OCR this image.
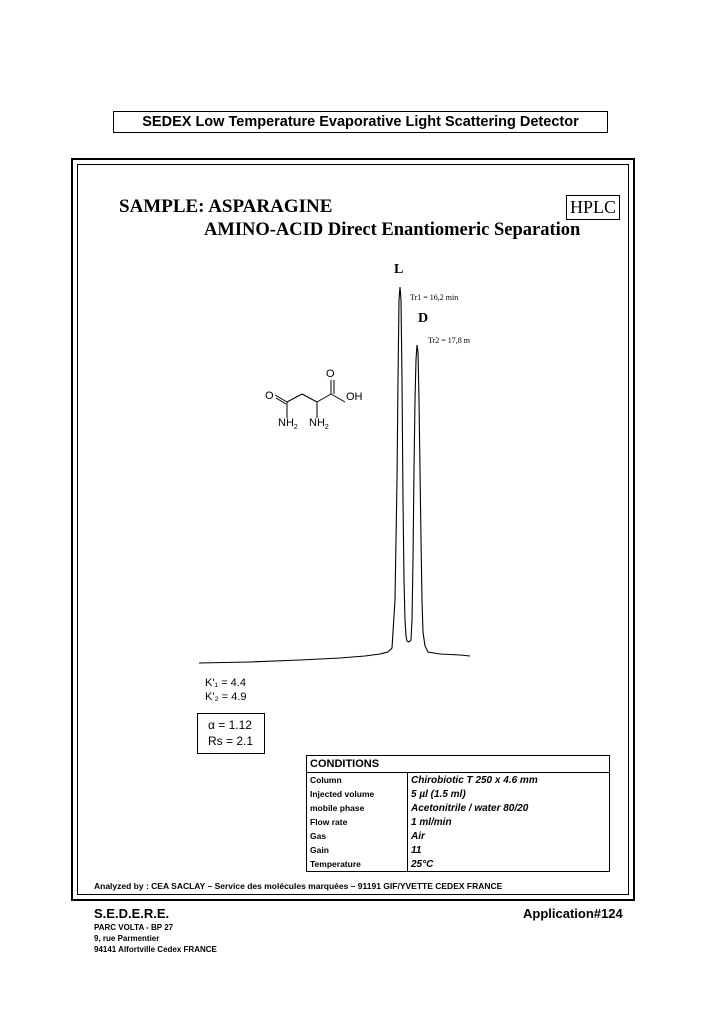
SEDEX Low Temperature Evaporative Light Scattering Detector
SAMPLE: ASPARAGINE
AMINO-ACID Direct Enantiomeric Separation
HPLC
O
O
OH
$NH_2$ $NH_2$
L
Tr1 = 16,2 min
D
Tr2 = 17,8 m
K'₁ = 4.4
K'₂ = 4.9
α = 1.12
Rs = 2.1
CONDITIONS	
Column	Chirobiotic T 250 x 4.6 mm
Injected volume	5 µl (1.5 ml)
mobile phase	Acetonitrile / water 80/20
Flow rate	1 ml/min
Gas	Air
Gain	11
Temperature	25°C
Analyzed by : CEA SACLAY – Service des molécules marquées – 91191 GIF/YVETTE CEDEX FRANCE
S.E.D.E.R.E.	Application#124
PARC VOLTA - BP 27
9, rue Parmentier
94141 Alfortville Cedex FRANCE
